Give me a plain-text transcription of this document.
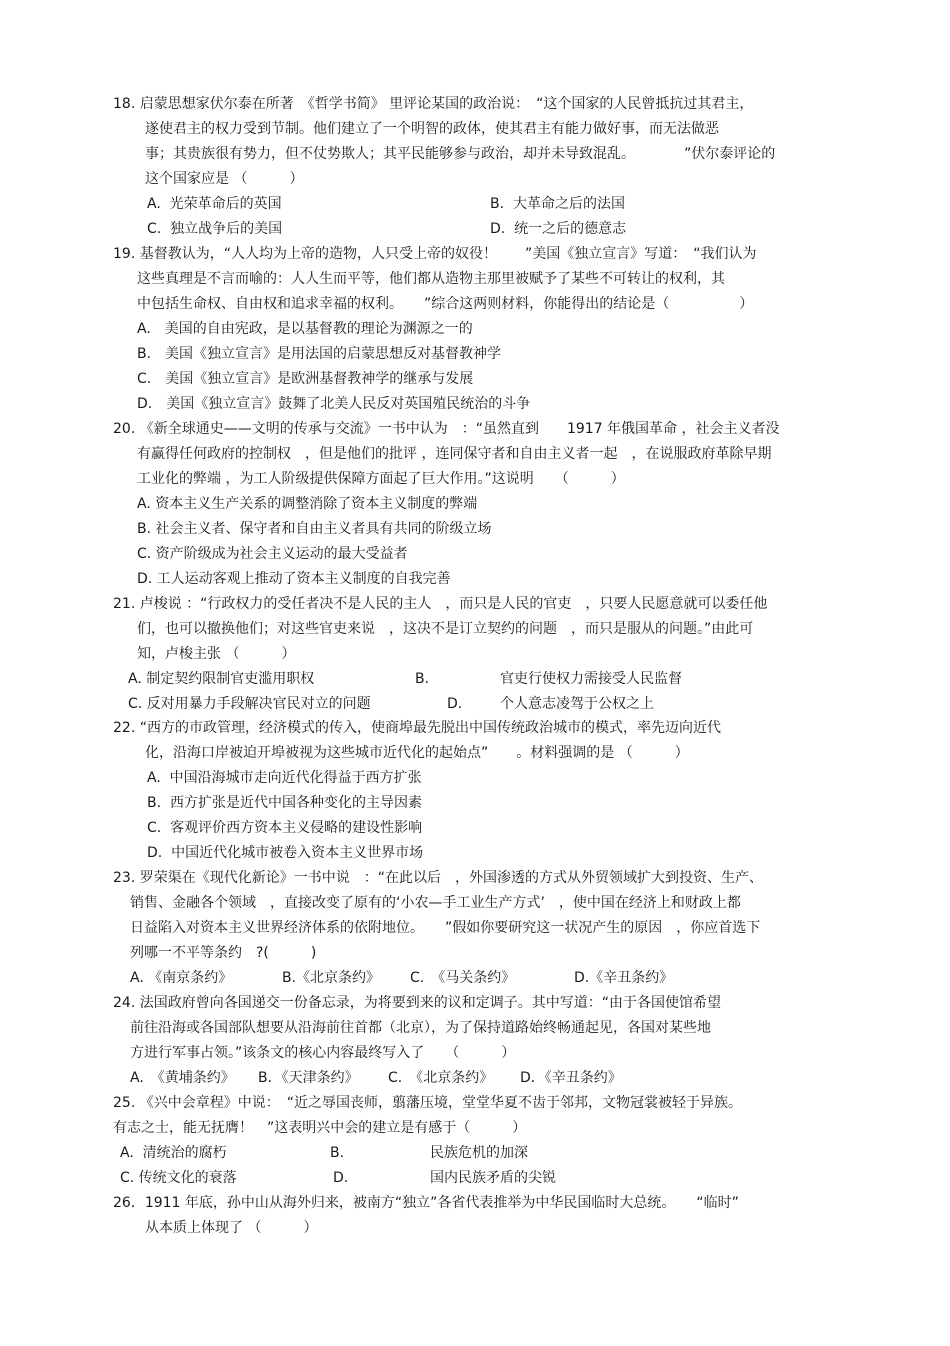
18. 启蒙思想家伏尔泰在所著　《哲学书简》 里评论某国的政治说：　“这个国家的人民曾抵抗过其君主，
遂使君主的权力受到节制。他们建立了一个明智的政体，使其君主有能力做好事，而无法做恶
事；其贵族很有势力，但不仗势欺人；其平民能够参与政治，却并未导致混乱。　　　　”伏尔泰评论的
这个国家应是 （　　　）
A.  光荣革命后的英国	B.  大革命之后的法国
C.  独立战争后的美国	D.  统一之后的德意志
19. 基督教认为，“人人均为上帝的造物，人只受上帝的奴役！　　”美国《独立宣言》写道：　“我们认为
这些真理是不言而喻的：人人生而平等，他们都从造物主那里被赋予了某些不可转让的权利，其
中包括生命权、自由权和追求幸福的权利。　　”综合这两则材料，你能得出的结论是（　　　　　）
A.　美国的自由宪政，是以基督教的理论为渊源之一的
B.　美国《独立宣言》是用法国的启蒙思想反对基督教神学
C.　美国《独立宣言》是欧洲基督教神学的继承与发展
D.　美国《独立宣言》鼓舞了北美人民反对英国殖民统治的斗争
20. 《新全球通史——文明的传承与交流》一书中认为　：“虽然直到　　1917 年俄国革命 ，社会主义者没
有赢得任何政府的控制权　，但是他们的批评 ，连同保守者和自由主义者一起　，在说服政府革除早期
工业化的弊端 ，为工人阶级提供保障方面起了巨大作用。”这说明　　（　　　）
A. 资本主义生产关系的调整消除了资本主义制度的弊端
B. 社会主义者、保守者和自由主义者具有共同的阶级立场
C. 资产阶级成为社会主义运动的最大受益者
D. 工人运动客观上推动了资本主义制度的自我完善
21. 卢梭说 ：“行政权力的受任者决不是人民的主人　，而只是人民的官吏　，只要人民愿意就可以委任他
们，也可以撤换他们；对这些官吏来说　，这决不是订立契约的问题　，而只是服从的问题。”由此可
知，卢梭主张 （　　　）
A. 制定契约限制官吏滥用职权	B.	官吏行使权力需接受人民监督
C. 反对用暴力手段解决官民对立的问题	D.	个人意志凌驾于公权之上
22. “西方的市政管理，经济模式的传入，使商埠最先脱出中国传统政治城市的模式，率先迈向近代
化，沿海口岸被迫开埠被视为这些城市近代化的起始点”　　。材料强调的是 （　　　）
A.  中国沿海城市走向近代化得益于西方扩张
B.  西方扩张是近代中国各种变化的主导因素
C.  客观评价西方资本主义侵略的建设性影响
D.  中国近代化城市被卷入资本主义世界市场
23. 罗荣渠在《现代化新论》一书中说　：“在此以后　，外国渗透的方式从外贸领域扩大到投资、生产、
销售、金融各个领域　，直接改变了原有的‘小农—手工业生产方式’　，使中国在经济上和财政上都
日益陷入对资本主义世界经济体系的依附地位。　　”假如你要研究这一状况产生的原因　，你应首选下
列哪一不平等条约　?(　　　)
A. 《南京条约》	B.《北京条约》 C.　《马关条约》	D.《辛丑条约》
24. 法国政府曾向各国递交一份备忘录，为将要到来的议和定调子。其中写道：“由于各国使馆希望
前往沿海或各国部队想要从沿海前往首都（北京），为了保持道路始终畅通起见，各国对某些地
方进行军事占领。”该条文的核心内容最终写入了　　（　　　）
A.　《黄埔条约》 B．《天津条约》 C.　《北京条约》 D．《辛丑条约》
25. 《兴中会章程》中说：　“近之辱国丧师，翦藩压境，堂堂华夏不齿于邻邦，文物冠裳被轻于异族。
有志之士，能无抚膺！　”这表明兴中会的建立是有感于（　　　）
A.  清统治的腐朽	B.	民族危机的加深
C. 传统文化的衰落	D.	国内民族矛盾的尖锐
26．1911 年底，孙中山从海外归来，被南方“独立”各省代表推举为中华民国临时大总统。　　“临时”
从本质上体现了 （　　　）
